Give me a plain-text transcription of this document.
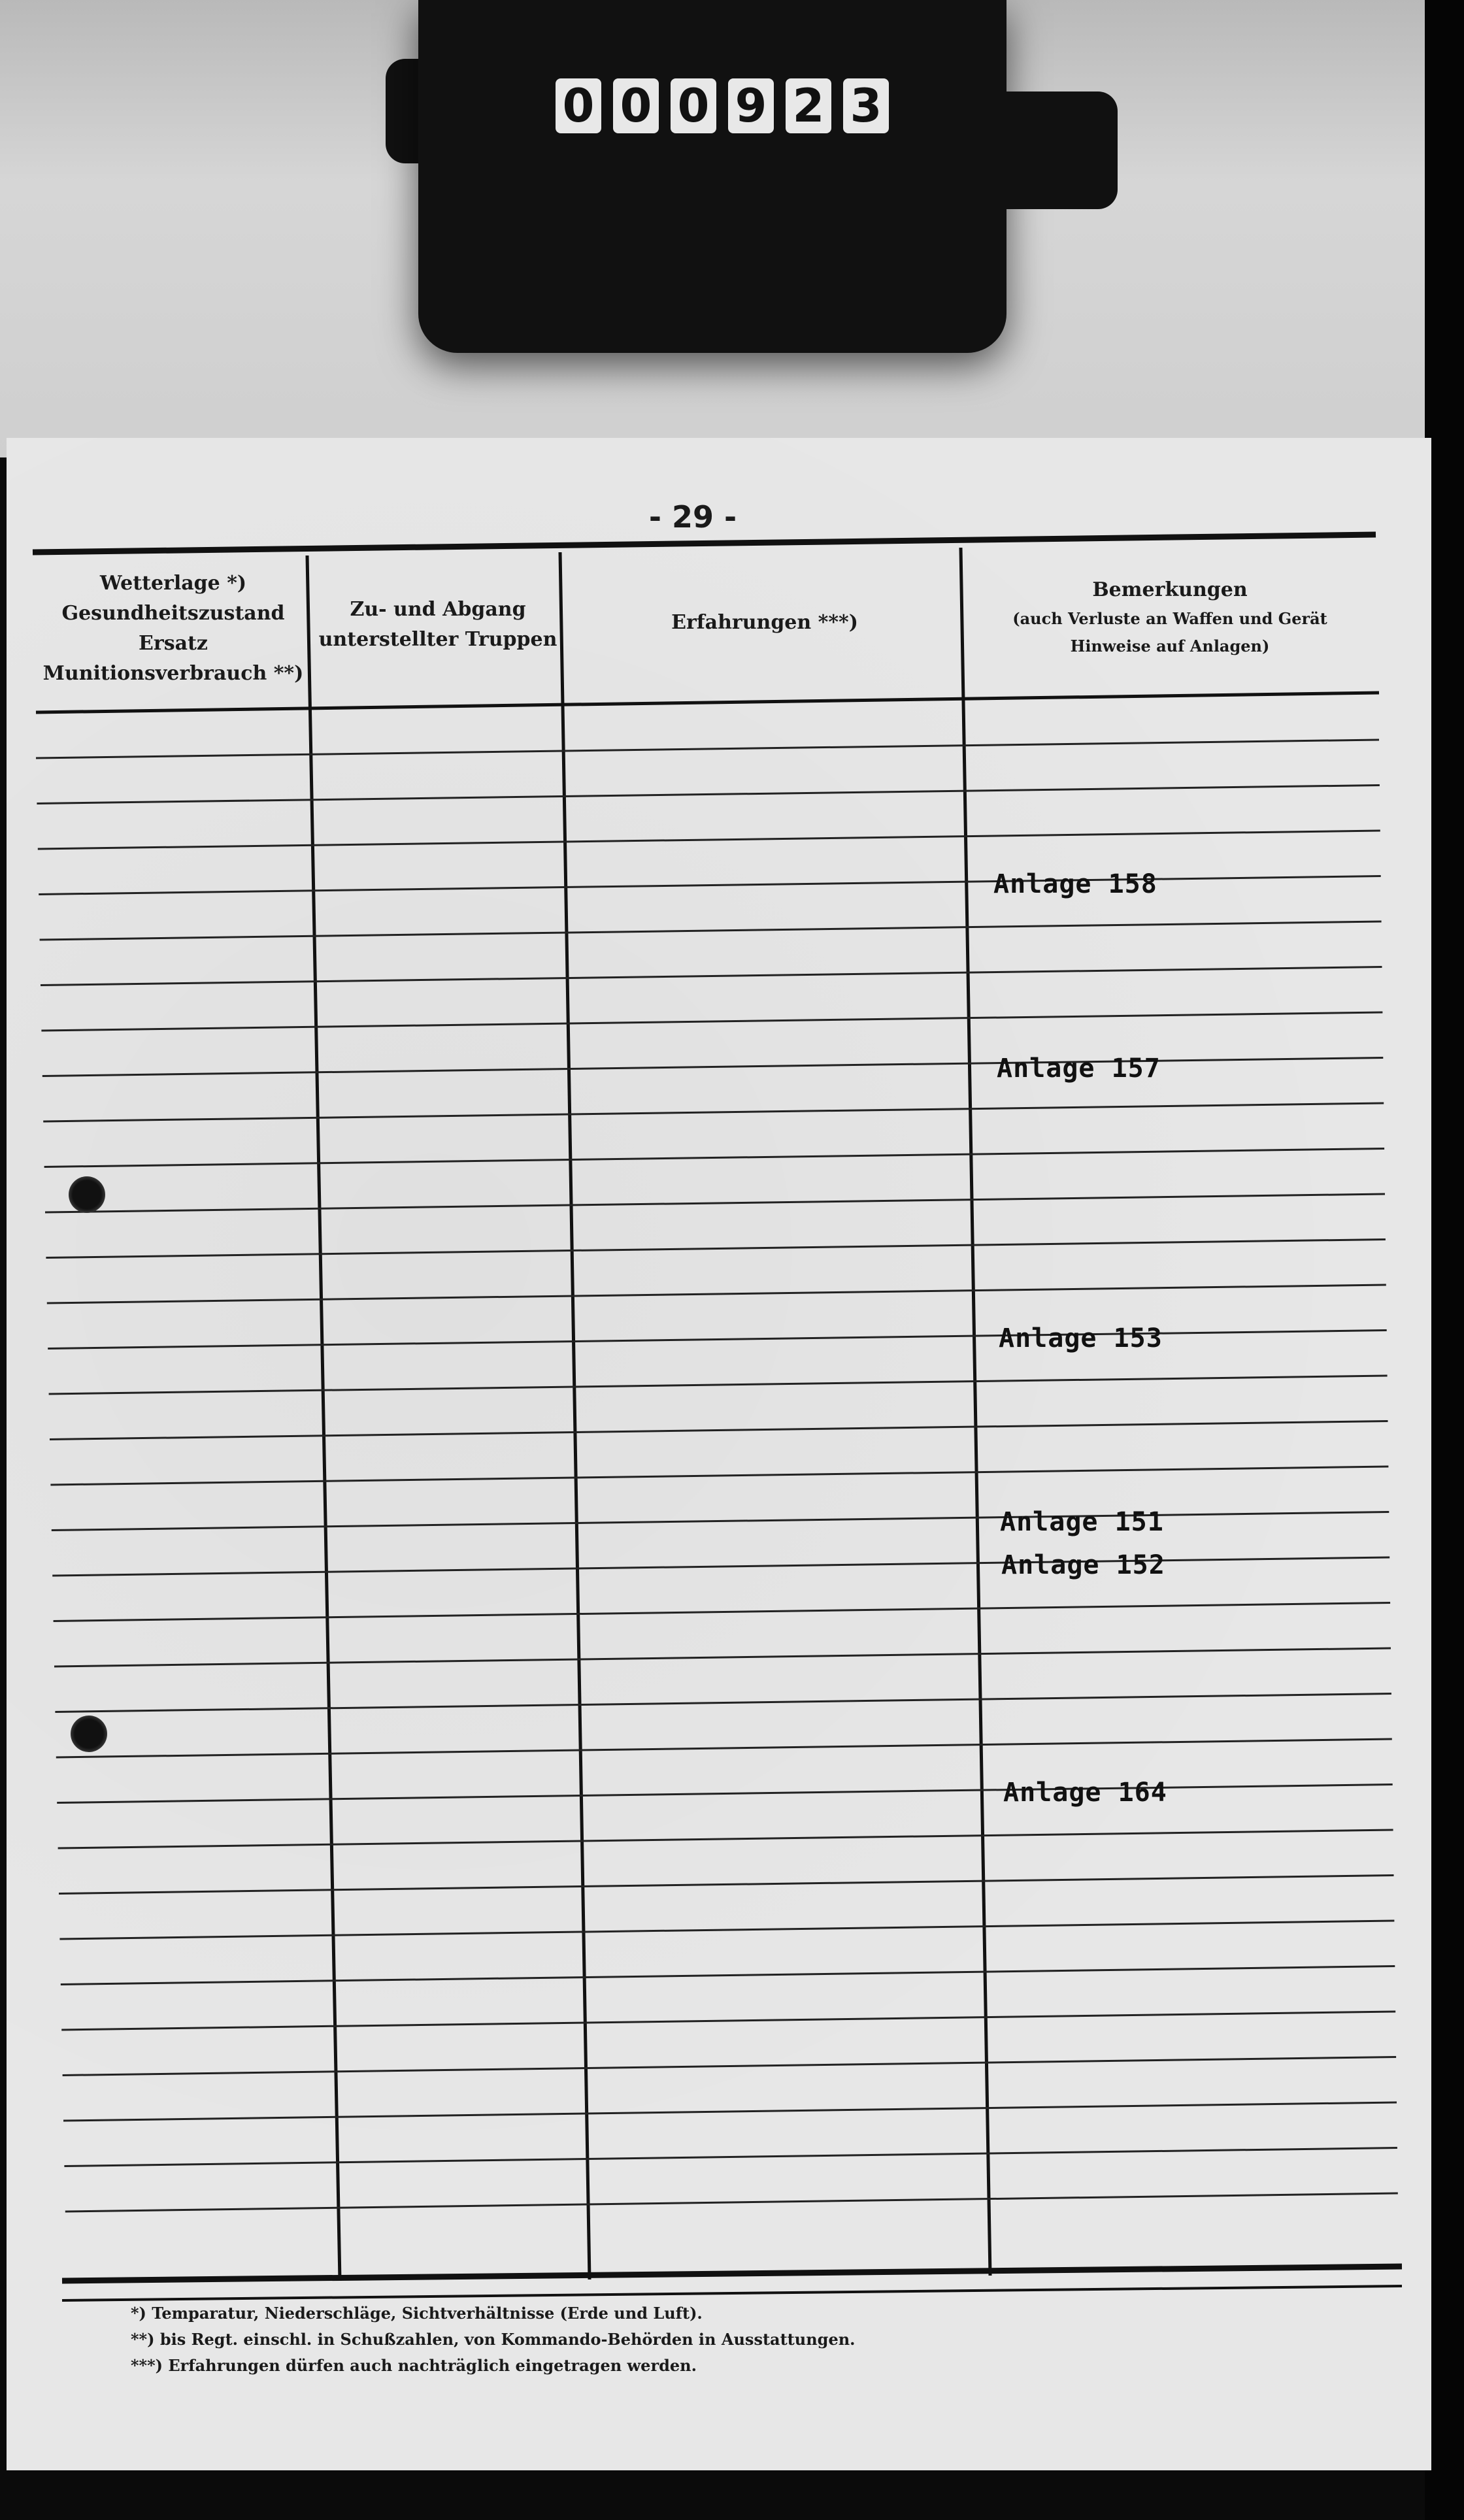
0 0 0 9 2 3
- 29 -
Wetterlage *)
Gesundheitszustand
Ersatz
Munitionsverbrauch **)
Zu- und Abgang
unterstellter Truppen
Erfahrungen ***)
Bemerkungen
(auch Verluste an Waffen und Gerät
Hinweise auf Anlagen)
Anlage 158
Anlage 157
Anlage 153
Anlage 151
Anlage 152
Anlage 164
*) Temparatur, Niederschläge, Sichtverhältnisse (Erde und Luft).
**) bis Regt. einschl. in Schußzahlen, von Kommando-Behörden in Ausstattungen.
***) Erfahrungen dürfen auch nachträglich eingetragen werden.
